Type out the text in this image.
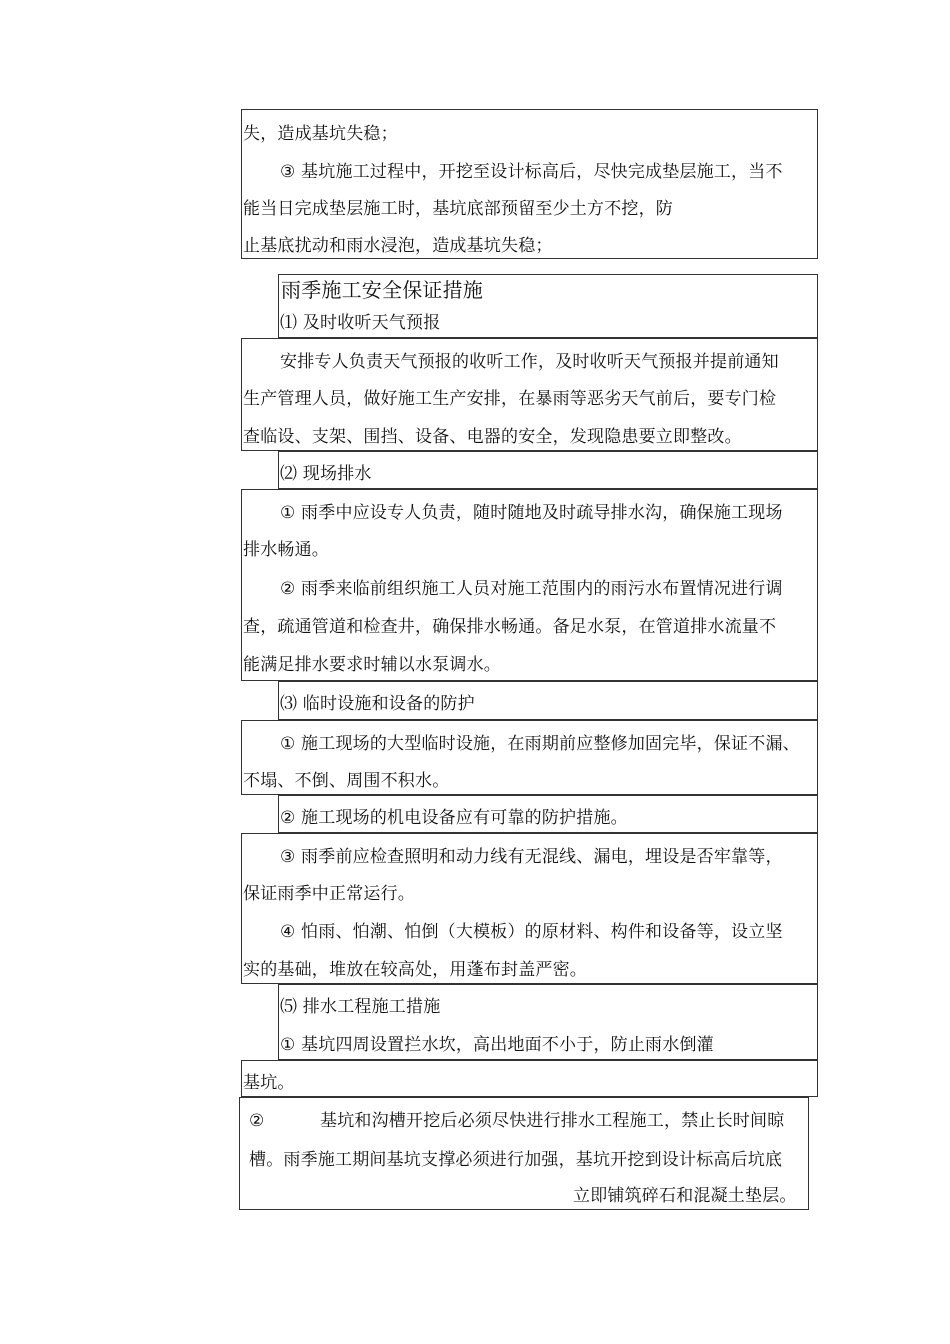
失，造成基坑失稳；
③ 基坑施工过程中，开挖至设计标高后，尽快完成垫层施工，当不
能当日完成垫层施工时，基坑底部预留至少土方不挖，防
止基底扰动和雨水浸泡，造成基坑失稳；
雨季施工安全保证措施
⑴ 及时收听天气预报
安排专人负责天气预报的收听工作，及时收听天气预报并提前通知
生产管理人员，做好施工生产安排，在暴雨等恶劣天气前后，要专门检
查临设、支架、围挡、设备、电器的安全，发现隐患要立即整改。
⑵ 现场排水
① 雨季中应设专人负责，随时随地及时疏导排水沟，确保施工现场
排水畅通。
② 雨季来临前组织施工人员对施工范围内的雨污水布置情况进行调
查，疏通管道和检查井，确保排水畅通。备足水泵，在管道排水流量不
能满足排水要求时辅以水泵调水。
⑶ 临时设施和设备的防护
① 施工现场的大型临时设施，在雨期前应整修加固完毕，保证不漏、
不塌、不倒、周围不积水。
② 施工现场的机电设备应有可靠的防护措施。
③ 雨季前应检查照明和动力线有无混线、漏电，埋设是否牢靠等，
保证雨季中正常运行。
④ 怕雨、怕潮、怕倒（大模板）的原材料、构件和设备等，设立坚
实的基础，堆放在较高处，用蓬布封盖严密。
⑸ 排水工程施工措施
① 基坑四周设置拦水坎，高出地面不小于，防止雨水倒灌
基坑。
②	基坑和沟槽开挖后必须尽快进行排水工程施工，禁止长时间晾
槽。雨季施工期间基坑支撑必须进行加强，基坑开挖到设计标高后坑底
立即铺筑碎石和混凝土垫层。
